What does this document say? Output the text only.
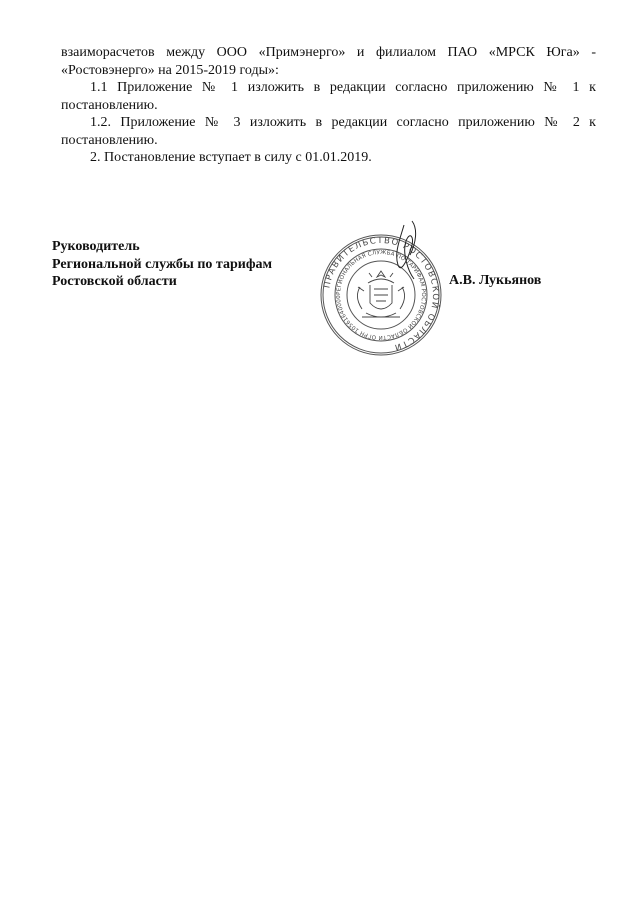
взаиморасчетов между ООО «Примэнерго» и филиалом ПАО «МРСК Юга» -
«Ростовэнерго» на 2015-2019 годы»:

1.1 Приложение № 1 изложить в редакции согласно приложению № 1 к
постановлению.

1.2. Приложение № 3 изложить в редакции согласно приложению № 2 к
постановлению.

2. Постановление вступает в силу с 01.01.2019.

Руководитель
Региональной службы по тарифам
Ростовской области	А.В. Лукьянов
ПРАВИТЕЛЬСТВО РОСТОВСКОЙ ОБЛАСТИ
РЕГИОНАЛЬНАЯ СЛУЖБА ПО ТАРИФАМ РОСТОВСКОЙ ОБЛАСТИ ОГРН 10561640000
